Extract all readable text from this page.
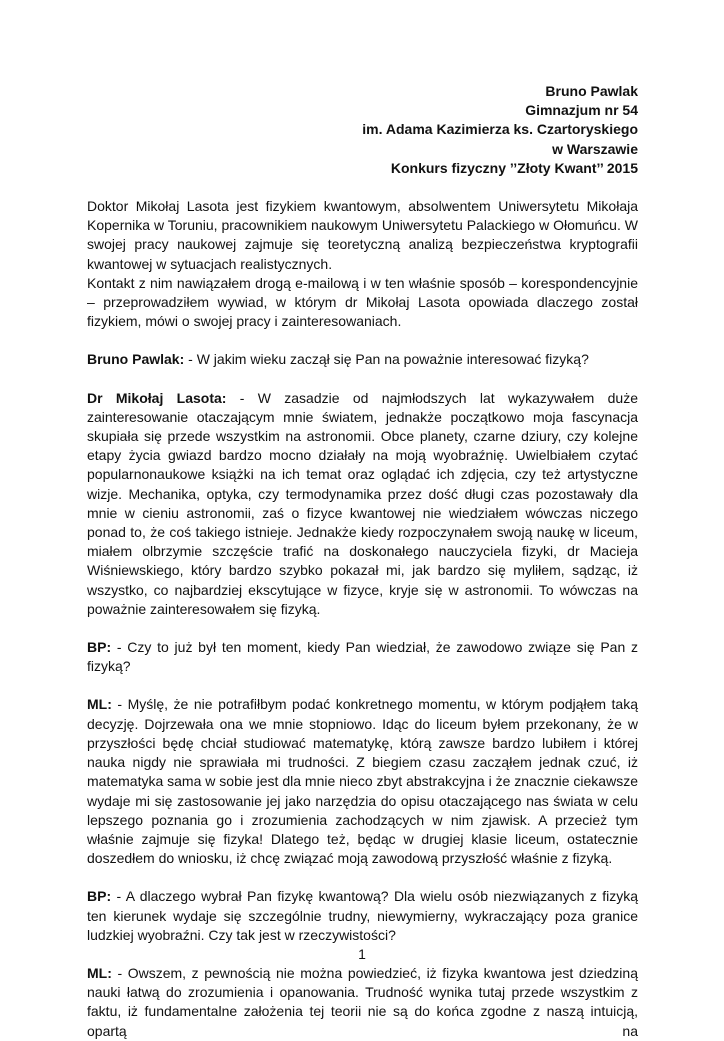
Bruno Pawlak
Gimnazjum nr 54
im. Adama Kazimierza ks. Czartoryskiego
w Warszawie
Konkurs fizyczny ’’Złoty Kwant’’ 2015

Doktor Mikołaj Lasota jest fizykiem kwantowym, absolwentem Uniwersytetu Mikołaja Kopernika w Toruniu, pracownikiem naukowym Uniwersytetu Palackiego w Ołomuńcu. W swojej pracy naukowej zajmuje się teoretyczną analizą bezpieczeństwa kryptografii kwantowej w sytuacjach realistycznych.

Kontakt z nim nawiązałem drogą e-mailową i w ten właśnie sposób – korespondencyjnie – przeprowadziłem wywiad, w którym dr Mikołaj Lasota opowiada dlaczego został fizykiem, mówi o swojej pracy i zainteresowaniach.

Bruno Pawlak: - W jakim wieku zaczął się Pan na poważnie interesować fizyką?

Dr Mikołaj Lasota: - W zasadzie od najmłodszych lat wykazywałem duże zainteresowanie otaczającym mnie światem, jednakże początkowo moja fascynacja skupiała się przede wszystkim na astronomii. Obce planety, czarne dziury, czy kolejne etapy życia gwiazd bardzo mocno działały na moją wyobraźnię. Uwielbiałem czytać popularnonaukowe książki na ich temat oraz oglądać ich zdjęcia, czy też artystyczne wizje. Mechanika, optyka, czy termodynamika przez dość długi czas pozostawały dla mnie w cieniu astronomii, zaś o fizyce kwantowej nie wiedziałem wówczas niczego ponad to, że coś takiego istnieje. Jednakże kiedy rozpoczynałem swoją naukę w liceum, miałem olbrzymie szczęście trafić na doskonałego nauczyciela fizyki, dr Macieja Wiśniewskiego, który bardzo szybko pokazał mi, jak bardzo się myliłem, sądząc, iż wszystko, co najbardziej ekscytujące w fizyce, kryje się w astronomii. To wówczas na poważnie zainteresowałem się fizyką.

BP: - Czy to już był ten moment, kiedy Pan wiedział, że zawodowo związe się Pan z fizyką?

ML: - Myślę, że nie potrafiłbym podać konkretnego momentu, w którym podjąłem taką decyzję. Dojrzewała ona we mnie stopniowo. Idąc do liceum byłem przekonany, że w przyszłości będę chciał studiować matematykę, którą zawsze bardzo lubiłem i której nauka nigdy nie sprawiała mi trudności. Z biegiem czasu zacząłem jednak czuć, iż matematyka sama w sobie jest dla mnie nieco zbyt abstrakcyjna i że znacznie ciekawsze wydaje mi się zastosowanie jej jako narzędzia do opisu otaczającego nas świata w celu lepszego poznania go i zrozumienia zachodzących w nim zjawisk. A przecież tym właśnie zajmuje się fizyka! Dlatego też, będąc w drugiej klasie liceum, ostatecznie doszedłem do wniosku, iż chcę związać moją zawodową przyszłość właśnie z fizyką.

BP: - A dlaczego wybrał Pan fizykę kwantową? Dla wielu osób niezwiązanych z fizyką ten kierunek wydaje się szczególnie trudny, niewymierny, wykraczający poza granice ludzkiej wyobraźni. Czy tak jest w rzeczywistości?

ML: - Owszem, z pewnością nie można powiedzieć, iż fizyka kwantowa jest dziedziną nauki łatwą do zrozumienia i opanowania. Trudność wynika tutaj przede wszystkim z faktu, iż fundamentalne założenia tej teorii nie są do końca zgodne z naszą intuicją, opartą na

1
